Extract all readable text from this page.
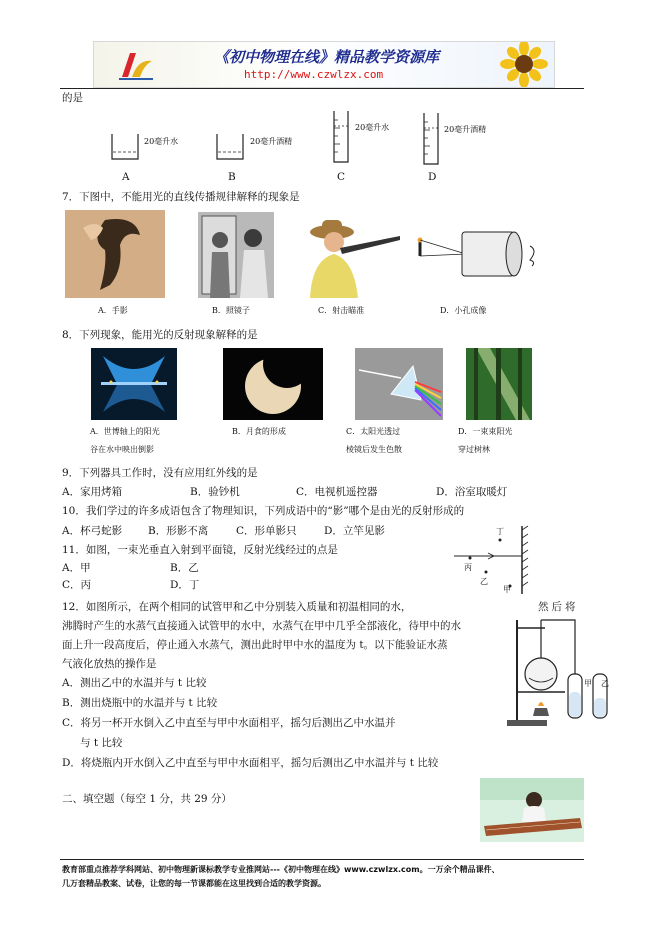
《初中物理在线》精品教学资源库
http://www.czwlzx.com
的是
20毫升水
A
20毫升酒精
B
20毫升水
C
20毫升酒精
D
7．下图中，不能用光的直线传播规律解释的现象是
A．手影	B．照镜子	C．射击瞄准	D．小孔成像
8．下列现象，能用光的反射现象解释的是
A．世博轴上的阳光
谷在水中映出倒影
B．月食的形成	C．太阳光透过
棱镜后发生色散
D．一束束阳光
穿过树林
9．下列器具工作时，没有应用红外线的是
A．家用烤箱	B．验钞机	C．电视机遥控器	D．浴室取暖灯
10．我们学过的许多成语包含了物理知识，下列成语中的“影”哪个是由光的反射形成的
A．杯弓蛇影 B．形影不离	C．形单影只	D．立竿见影
11．如图，一束光垂直入射到平面镜，反射光线经过的点是
A．甲	B．乙
C．丙	D．丁
丁
丙
乙
甲
12．如图所示，在两个相同的试管甲和乙中分别装入质量和初温相同的水，	然后将
沸腾时产生的水蒸气直接通入试管甲的水中，水蒸气在甲中几乎全部液化，待甲中的水
面上升一段高度后，停止通入水蒸气，测出此时甲中水的温度为 t。以下能验证水蒸
气液化放热的操作是
A．测出乙中的水温并与 t 比较
B．测出烧瓶中的水温并与 t 比较
C．将另一杯开水倒入乙中直至与甲中水面相平，摇匀后测出乙中水温并
与 t 比较
D．将烧瓶内开水倒入乙中直至与甲中水面相平，摇匀后测出乙中水温并与 t 比较
甲 乙
二、填空题（每空 1 分，共 29 分）
教育部重点推荐学科网站、初中物理新课标教学专业推网站---《初中物理在线》www.czwlzx.com。一万余个精品课件、
几万套精品教案、试卷，让您的每一节课都能在这里找到合适的教学资源。
